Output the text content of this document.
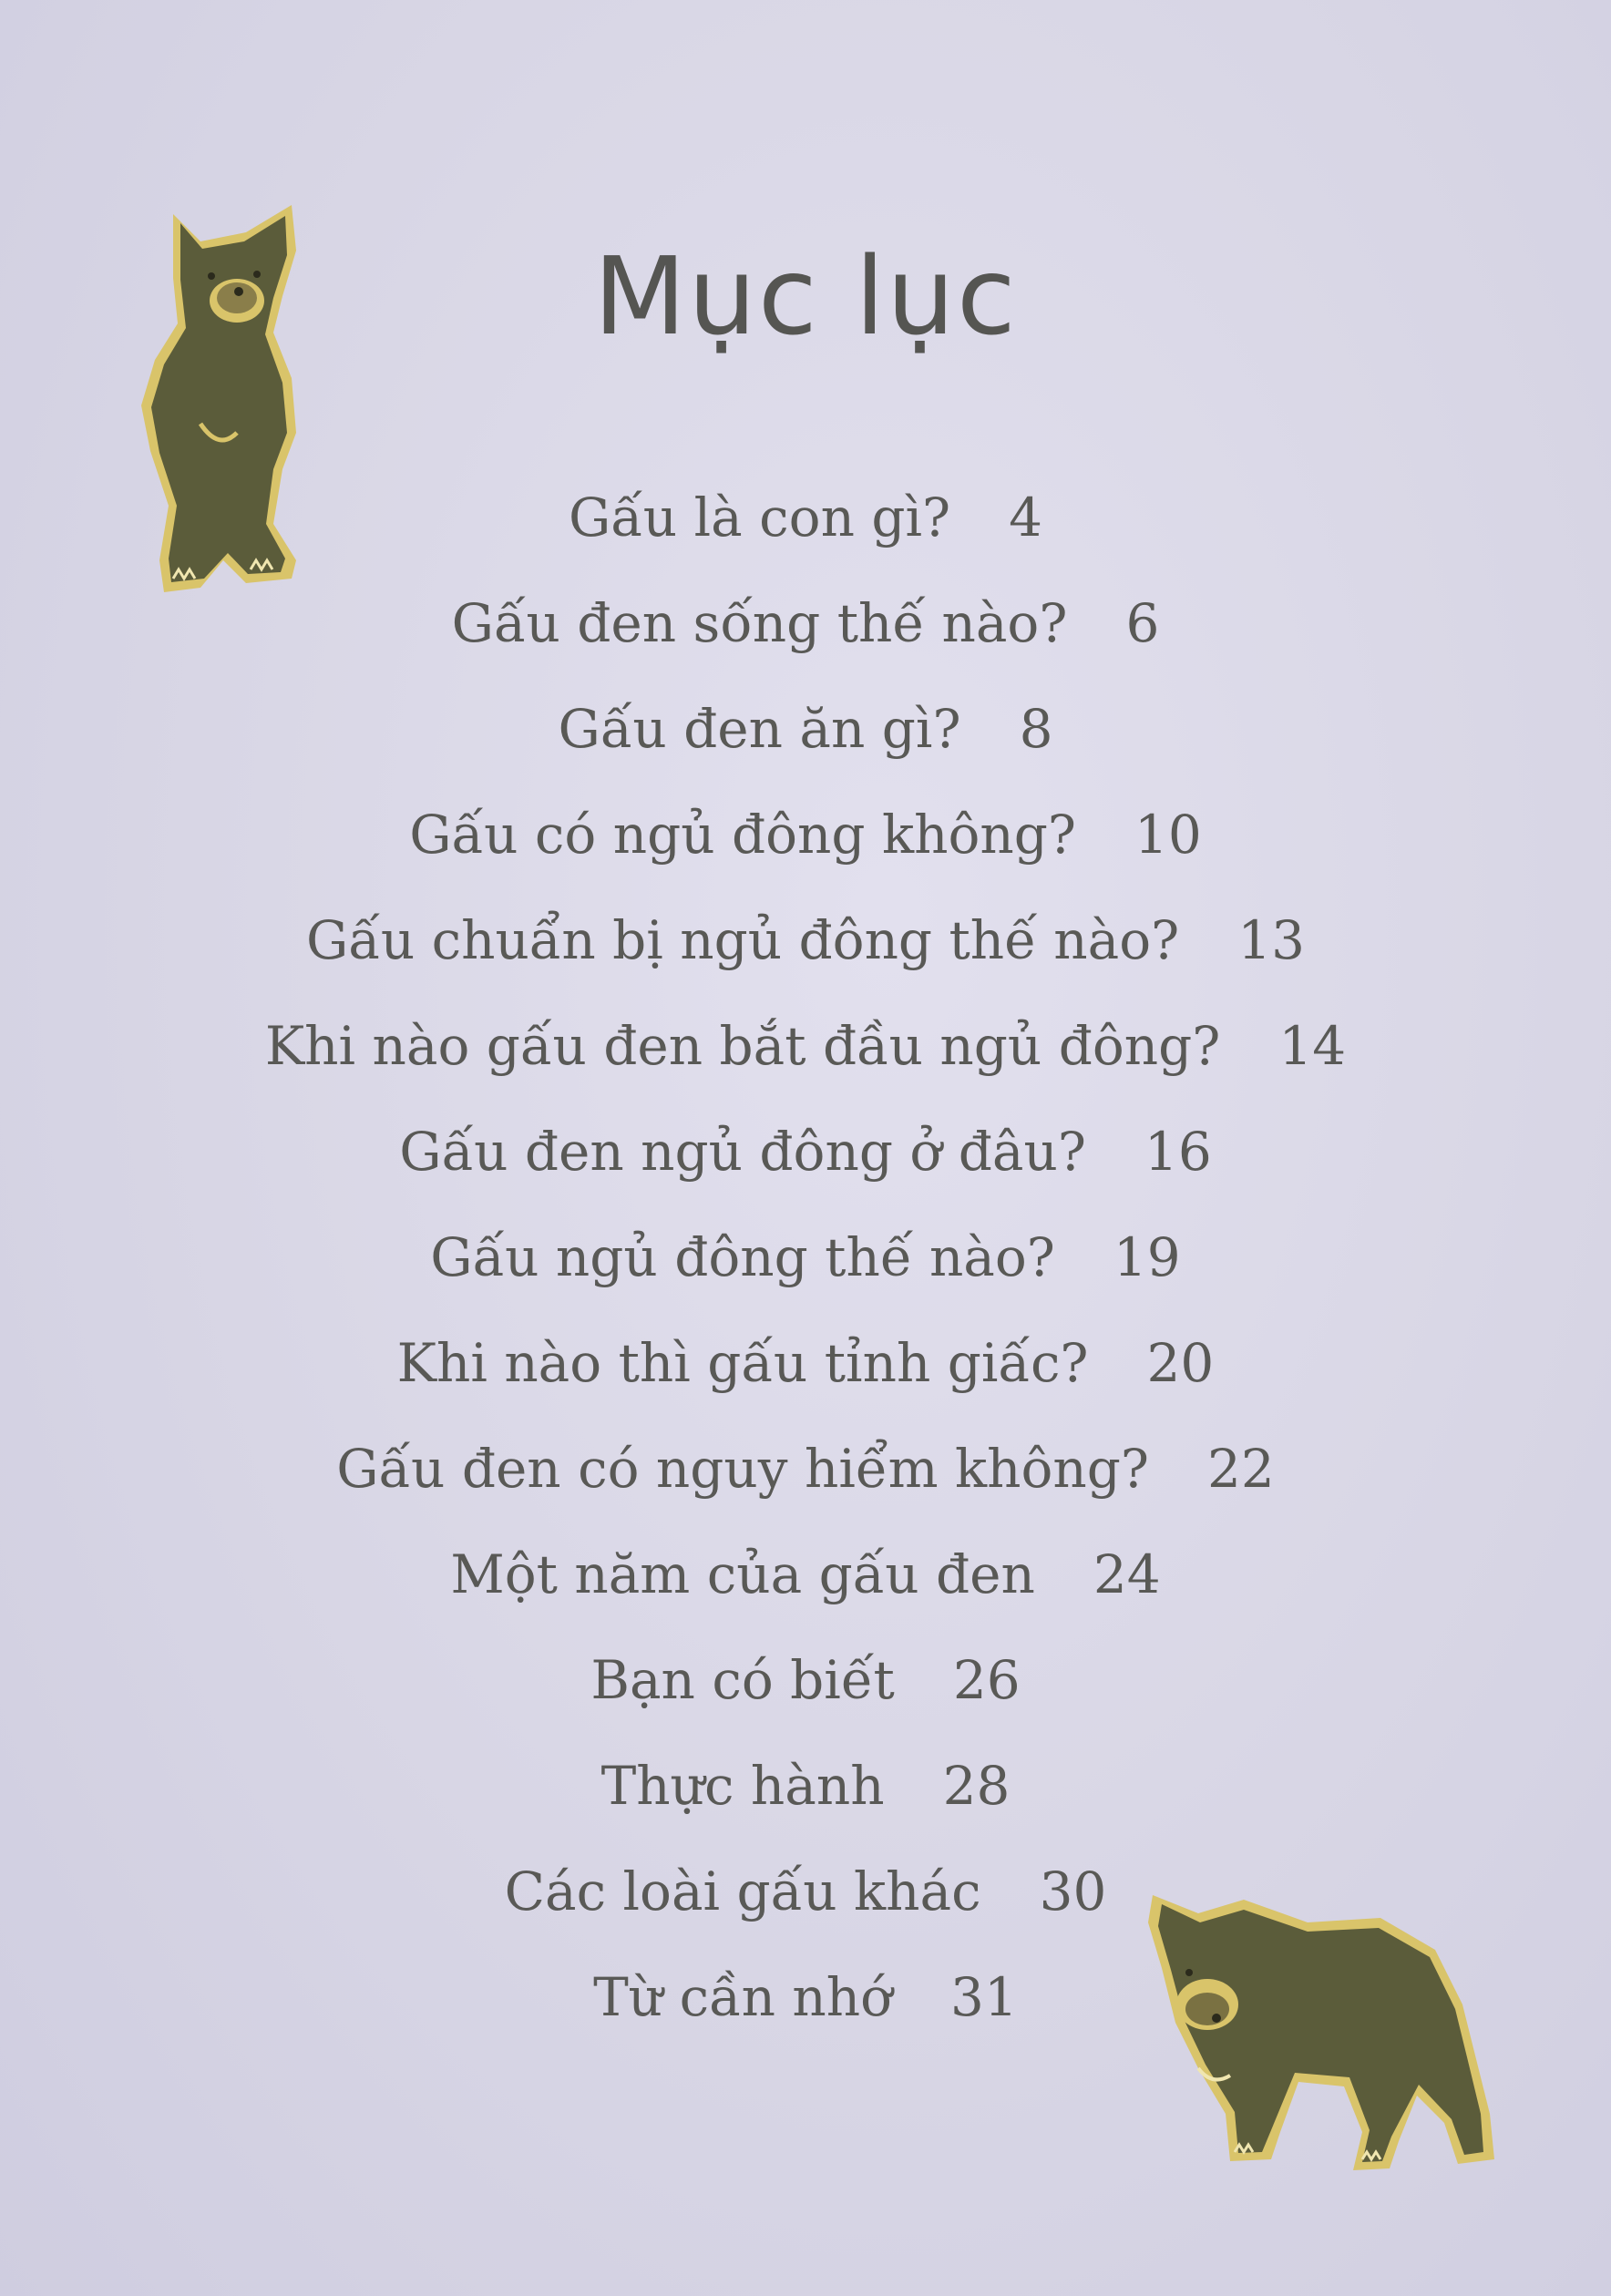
Mục lục
Gấu là con gì? 4
Gấu đen sống thế nào? 6
Gấu đen ăn gì? 8
Gấu có ngủ đông không? 10
Gấu chuẩn bị ngủ đông thế nào? 13
Khi nào gấu đen bắt đầu ngủ đông? 14
Gấu đen ngủ đông ở đâu? 16
Gấu ngủ đông thế nào? 19
Khi nào thì gấu tỉnh giấc? 20
Gấu đen có nguy hiểm không? 22
Một năm của gấu đen 24
Bạn có biết 26
Thực hành 28
Các loài gấu khác 30
Từ cần nhớ 31
